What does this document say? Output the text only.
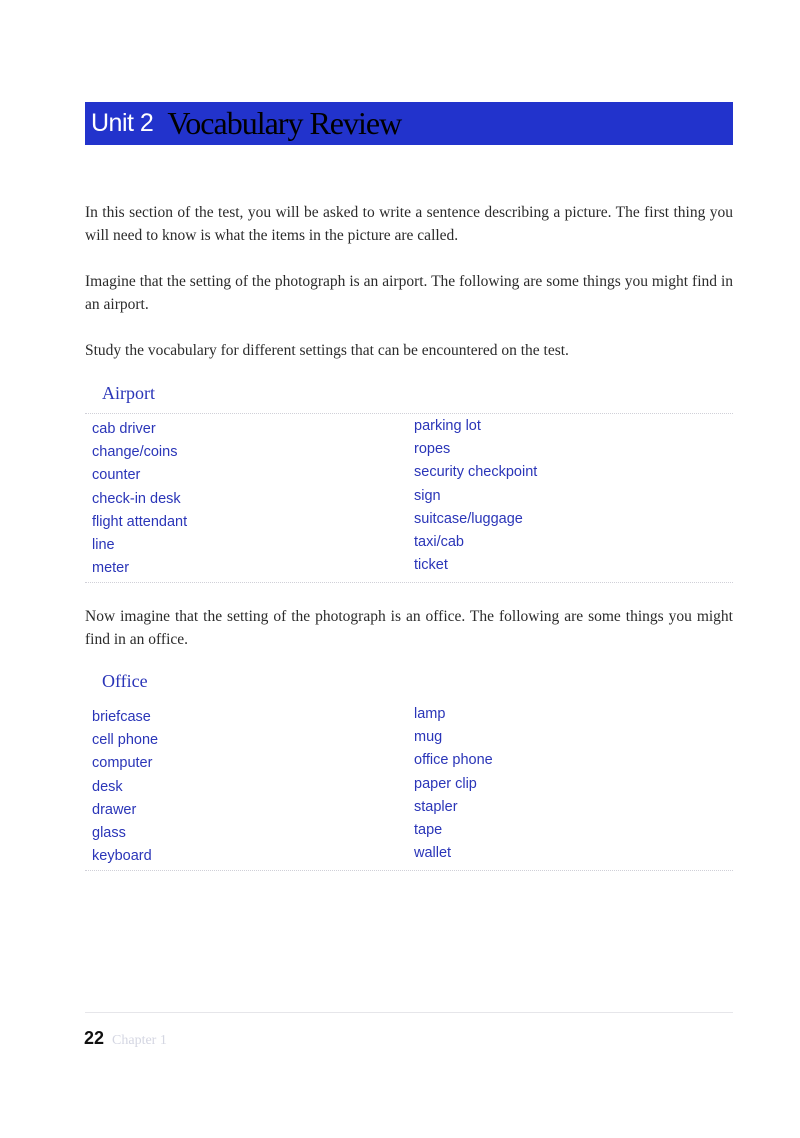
Unit 2 Vocabulary Review

In this section of the test, you will be asked to write a sentence describing a picture. The first thing you will need to know is what the items in the picture are called.

Imagine that the setting of the photograph is an airport. The following are some things you might find in an airport.

Study the vocabulary for different settings that can be encountered on the test.

Airport
cab driver
change/coins
counter
check-in desk
flight attendant
line
meter
parking lot
ropes
security checkpoint
sign
suitcase/luggage
taxi/cab
ticket

Now imagine that the setting of the photograph is an office. The following are some things you might find in an office.

Office
briefcase
cell phone
computer
desk
drawer
glass
keyboard
lamp
mug
office phone
paper clip
stapler
tape
wallet
22 Chapter 1
